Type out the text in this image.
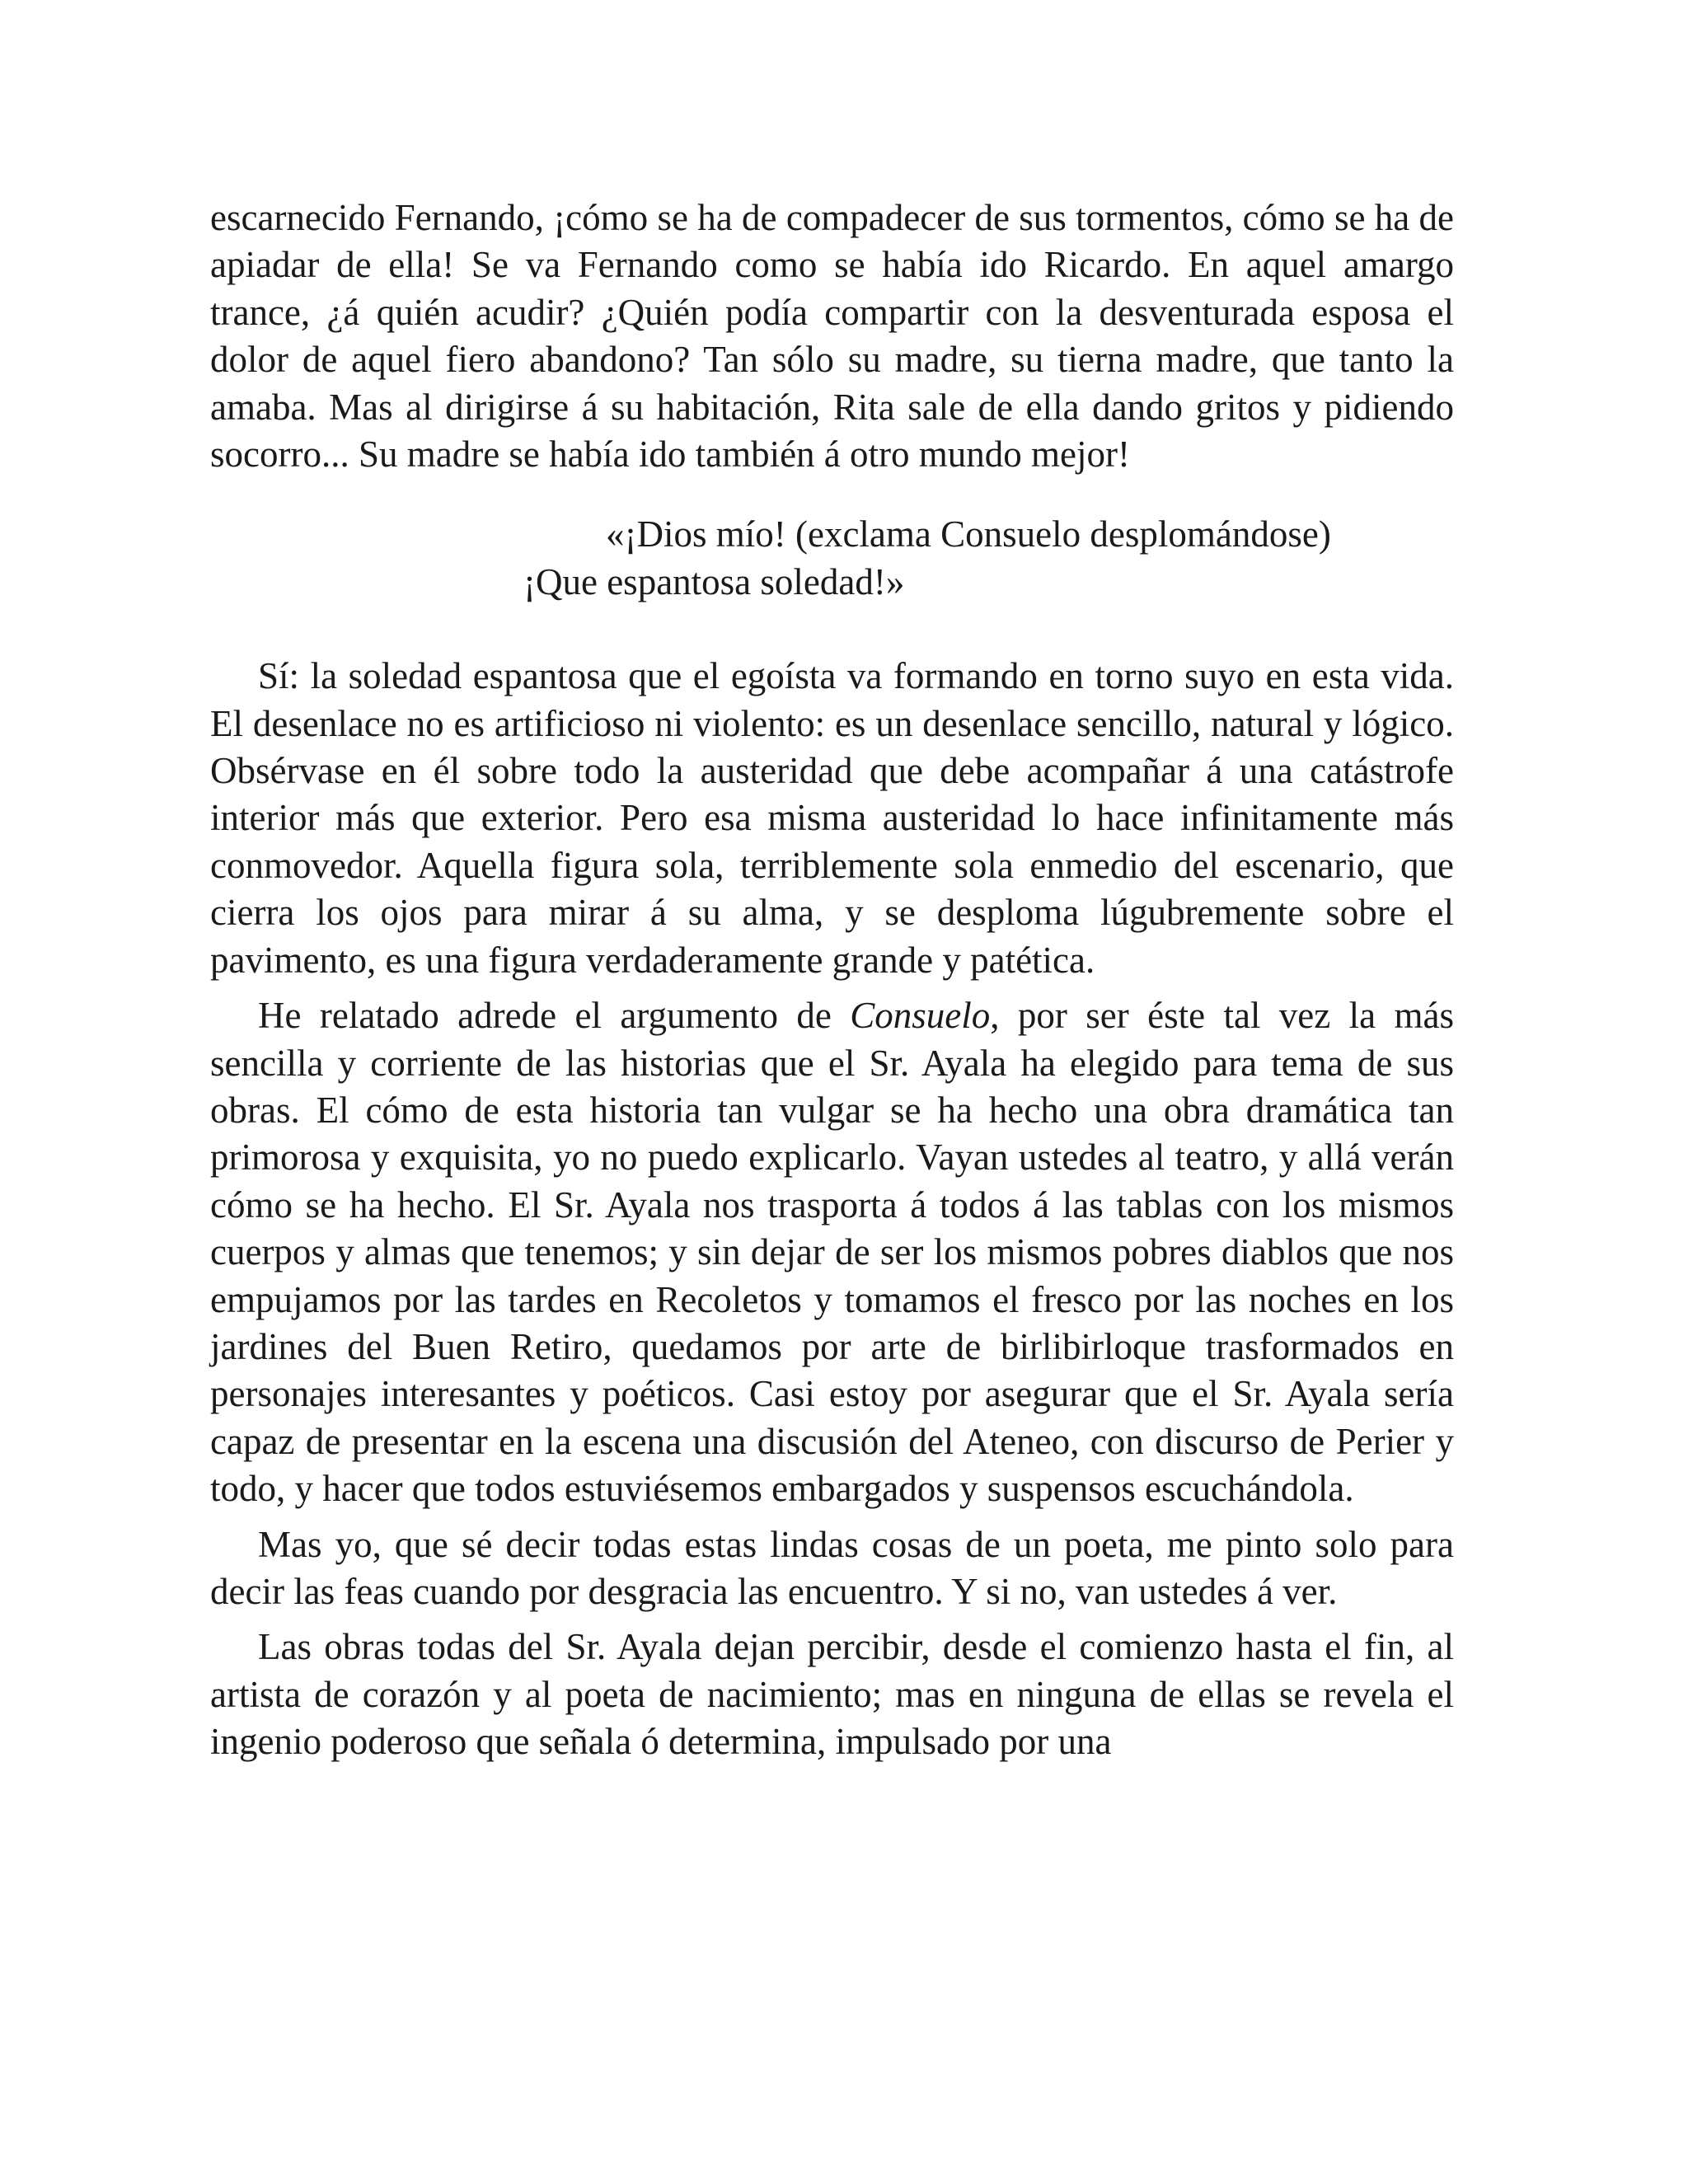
escarnecido Fernando, ¡cómo se ha de compadecer de sus tormentos, cómo se ha de apiadar de ella! Se va Fernando como se había ido Ricardo. En aquel amargo trance, ¿á quién acudir? ¿Quién podía compartir con la desventurada esposa el dolor de aquel fiero abandono? Tan sólo su madre, su tierna madre, que tanto la amaba. Mas al dirigirse á su habitación, Rita sale de ella dando gritos y pidiendo socorro... Su madre se había ido también á otro mundo mejor!

«¡Dios mío! (exclama Consuelo desplomándose)
¡Que espantosa soledad!»

Sí: la soledad espantosa que el egoísta va formando en torno suyo en esta vida. El desenlace no es artificioso ni violento: es un desenlace sencillo, natural y lógico. Obsérvase en él sobre todo la austeridad que debe acompañar á una catástrofe interior más que exterior. Pero esa misma austeridad lo hace infinitamente más conmovedor. Aquella figura sola, terriblemente sola enmedio del escenario, que cierra los ojos para mirar á su alma, y se desploma lúgubremente sobre el pavimento, es una figura verdaderamente grande y patética.

He relatado adrede el argumento de Consuelo, por ser éste tal vez la más sencilla y corriente de las historias que el Sr. Ayala ha elegido para tema de sus obras. El cómo de esta historia tan vulgar se ha hecho una obra dramática tan primorosa y exquisita, yo no puedo explicarlo. Vayan ustedes al teatro, y allá verán cómo se ha hecho. El Sr. Ayala nos trasporta á todos á las tablas con los mismos cuerpos y almas que tenemos; y sin dejar de ser los mismos pobres diablos que nos empujamos por las tardes en Recoletos y tomamos el fresco por las noches en los jardines del Buen Retiro, quedamos por arte de birlibirloque trasformados en personajes interesantes y poéticos. Casi estoy por asegurar que el Sr. Ayala sería capaz de presentar en la escena una discusión del Ateneo, con discurso de Perier y todo, y hacer que todos estuviésemos embargados y suspensos escuchándola.

Mas yo, que sé decir todas estas lindas cosas de un poeta, me pinto solo para decir las feas cuando por desgracia las encuentro. Y si no, van ustedes á ver.

Las obras todas del Sr. Ayala dejan percibir, desde el comienzo hasta el fin, al artista de corazón y al poeta de nacimiento; mas en ninguna de ellas se revela el ingenio poderoso que señala ó determina, impulsado por una
